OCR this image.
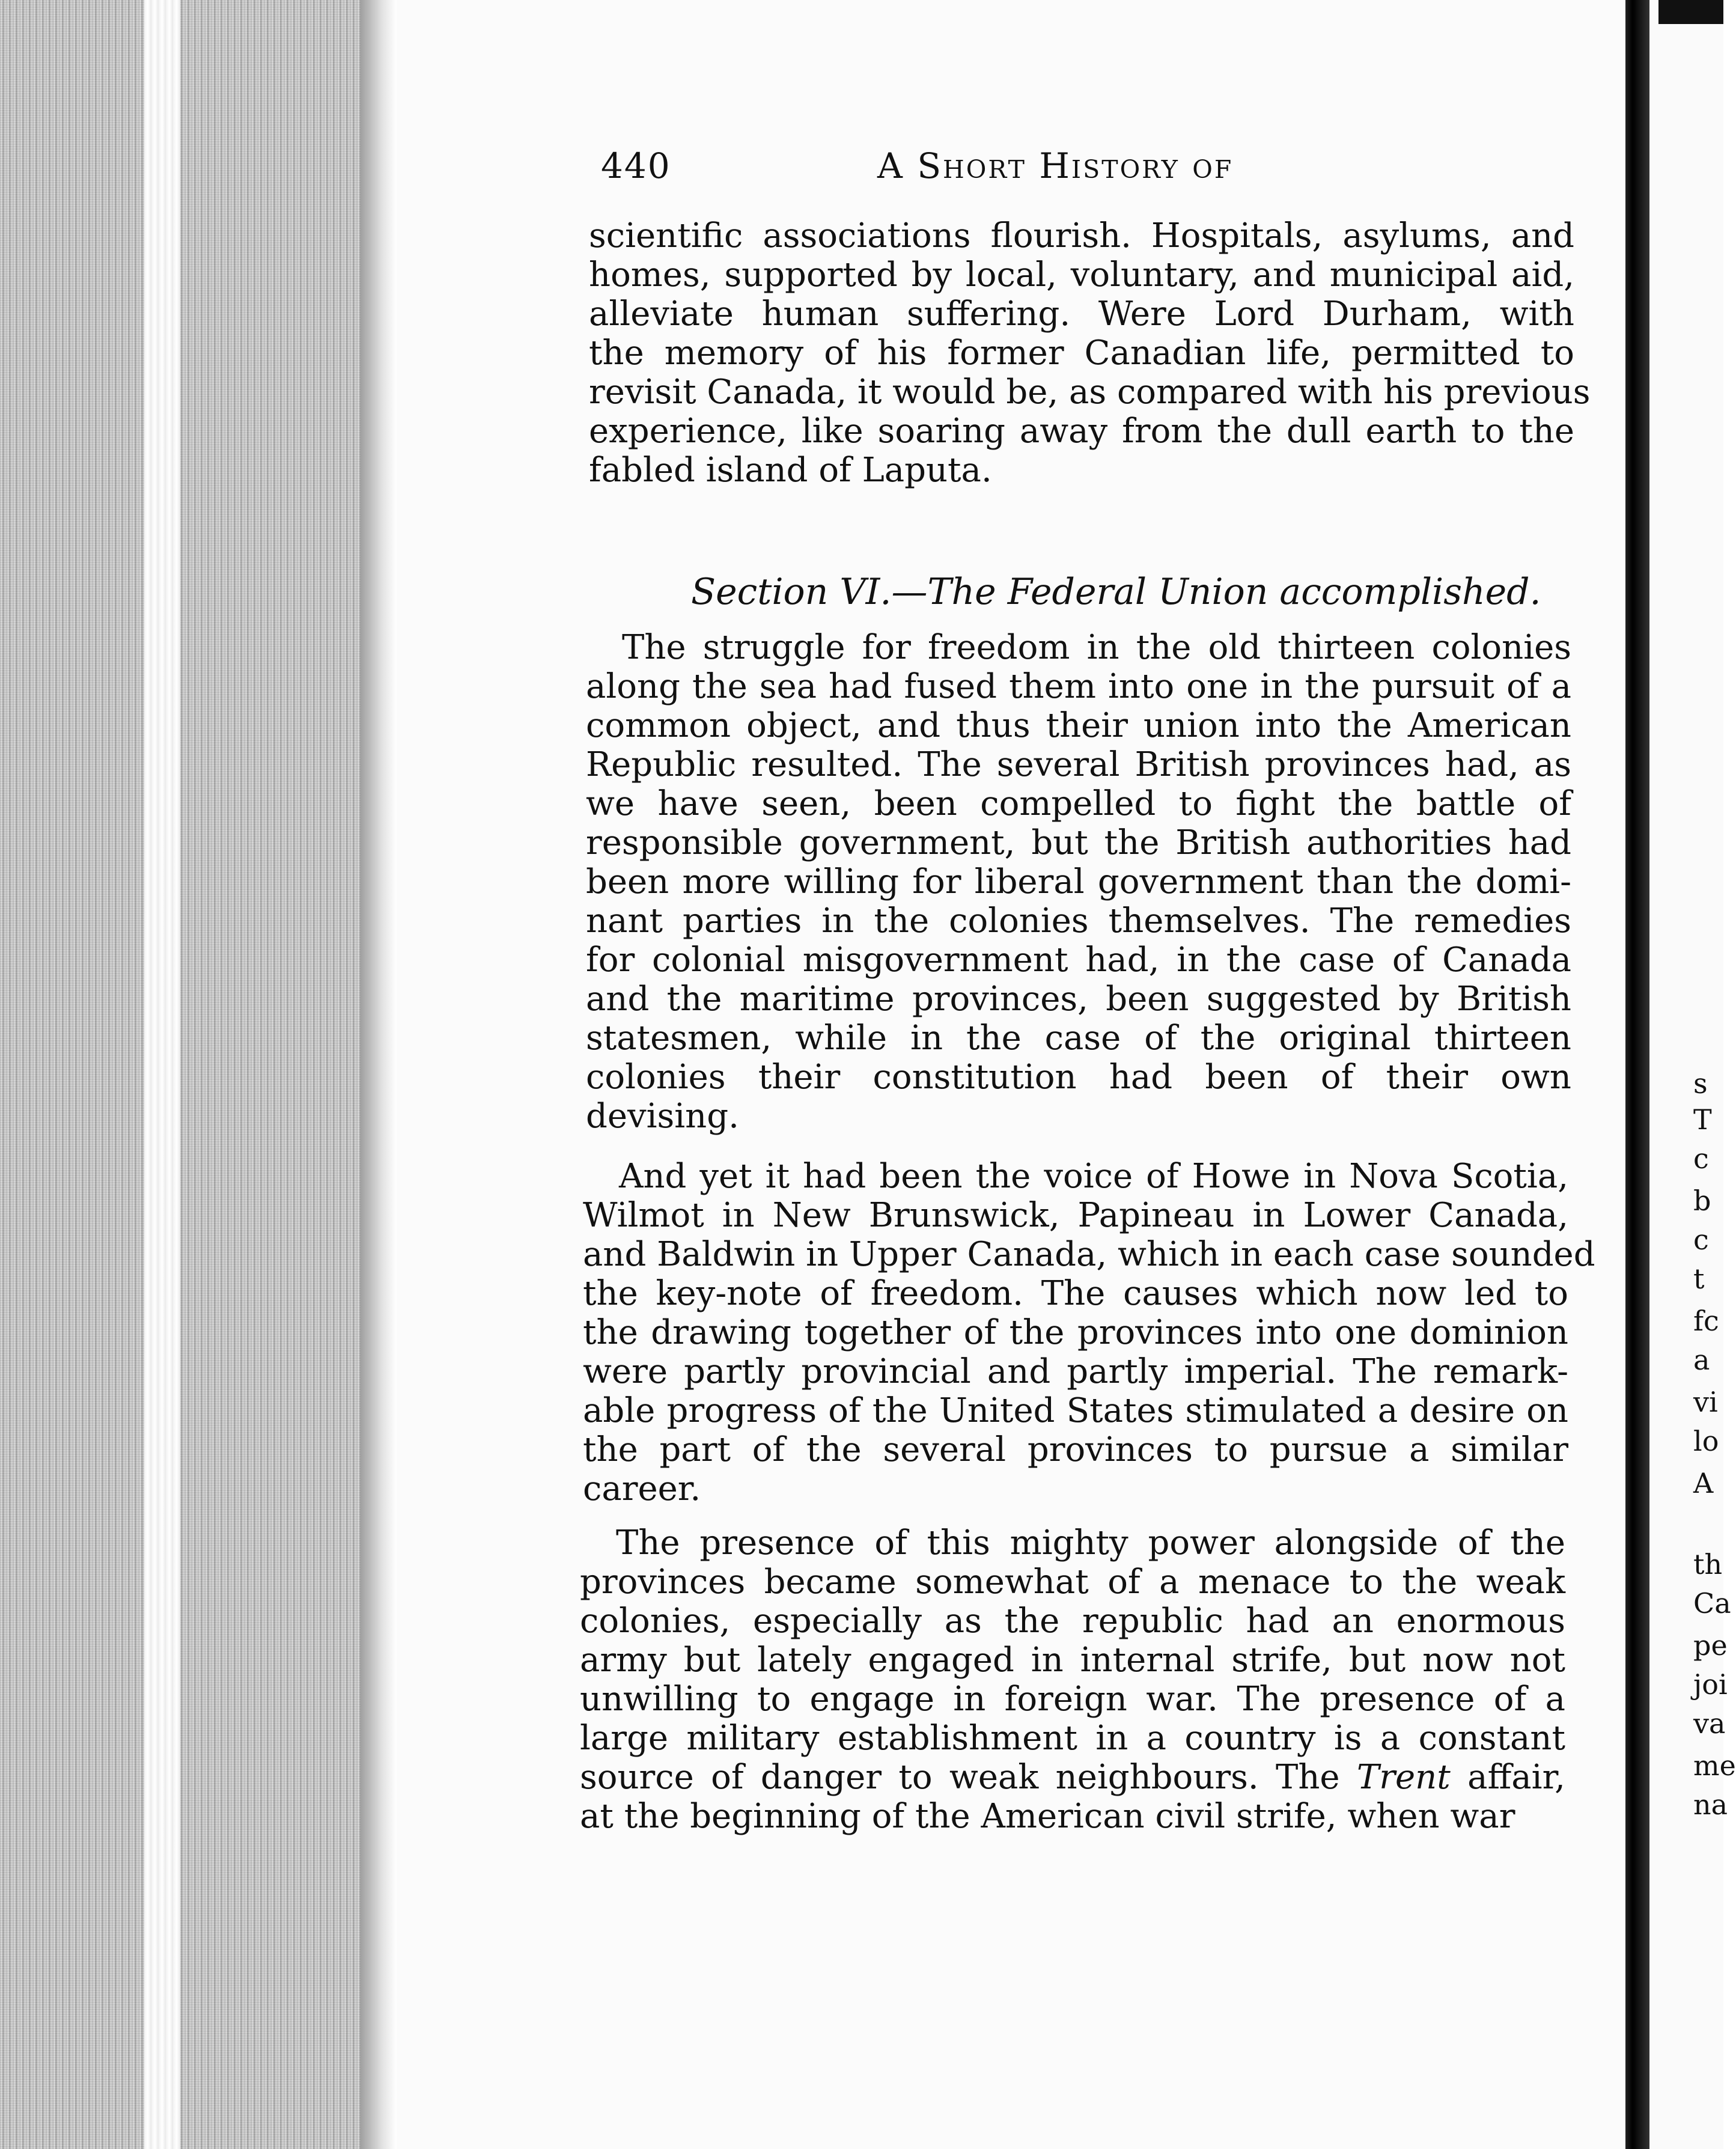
440	A Short History of
scientific associations flourish. Hospitals, asylums, and
homes, supported by local, voluntary, and municipal aid,
alleviate human suffering. Were Lord Durham, with
the memory of his former Canadian life, permitted to
revisit Canada, it would be, as compared with his previous
experience, like soaring away from the dull earth to the
fabled island of Laputa.
Section VI.—The Federal Union accomplished.
The struggle for freedom in the old thirteen colonies
along the sea had fused them into one in the pursuit of a
common object, and thus their union into the American
Republic resulted. The several British provinces had, as
we have seen, been compelled to fight the battle of
responsible government, but the British authorities had
been more willing for liberal government than the domi-
nant parties in the colonies themselves. The remedies
for colonial misgovernment had, in the case of Canada
and the maritime provinces, been suggested by British
statesmen, while in the case of the original thirteen
colonies their constitution had been of their own
devising.
And yet it had been the voice of Howe in Nova Scotia,
Wilmot in New Brunswick, Papineau in Lower Canada,
and Baldwin in Upper Canada, which in each case sounded
the key-note of freedom. The causes which now led to
the drawing together of the provinces into one dominion
were partly provincial and partly imperial. The remark-
able progress of the United States stimulated a desire on
the part of the several provinces to pursue a similar
career.
The presence of this mighty power alongside of the
provinces became somewhat of a menace to the weak
colonies, especially as the republic had an enormous
army but lately engaged in internal strife, but now not
unwilling to engage in foreign war. The presence of a
large military establishment in a country is a constant
source of danger to weak neighbours. The Trent affair,
at the beginning of the American civil strife, when war
s
T
c
b
c
t
fc
a
vi
lo
A
th
Ca
pe
joi
va
me
na
